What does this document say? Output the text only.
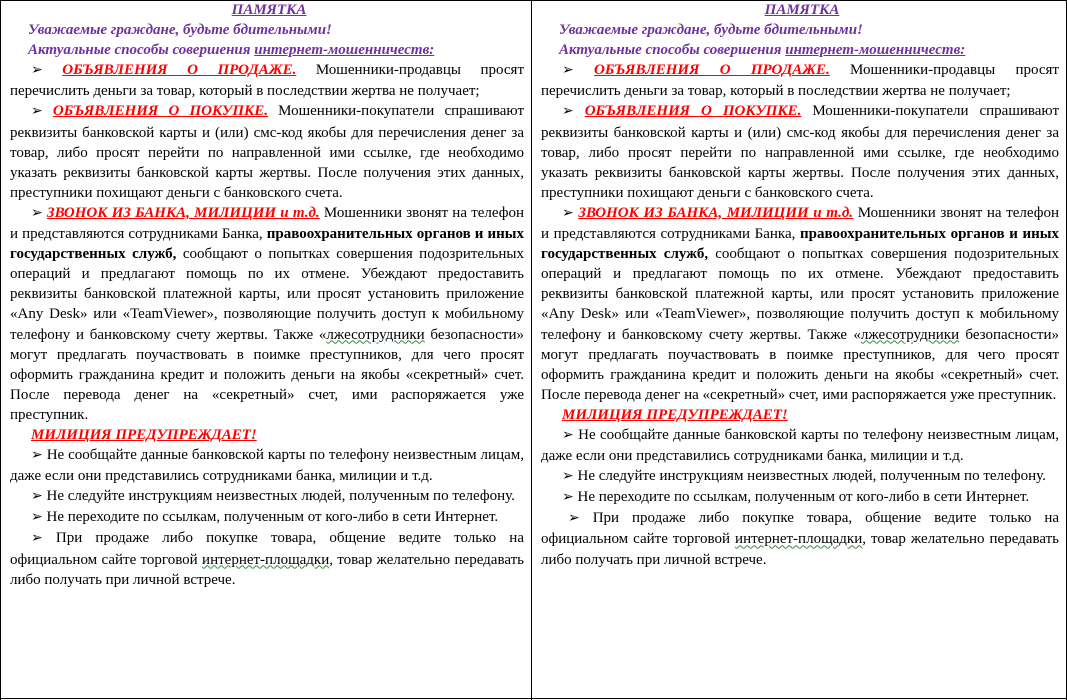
ПАМЯТКА

Уважаемые граждане, будьте бдительными!

Актуальные способы совершения интернет-мошенничеств:

➢ ОБЪЯВЛЕНИЯ О ПРОДАЖЕ. Мошенники-продавцы просят перечислить деньги за товар, который в последствии жертва не получает;

➢ ОБЪЯВЛЕНИЯ О ПОКУПКЕ. Мошенники-покупатели спрашивают реквизиты банковской карты и (или) смс-код якобы для перечисления денег за товар, либо просят перейти по направленной ими ссылке, где необходимо указать реквизиты банковской карты жертвы. После получения этих данных, преступники похищают деньги с банковского счета.

➢ ЗВОНОК ИЗ БАНКА, МИЛИЦИИ и т.д. Мошенники звонят на телефон и представляются сотрудниками Банка, правоохранительных органов и иных государственных служб, сообщают о попытках совершения подозрительных операций и предлагают помощь по их отмене. Убеждают предоставить реквизиты банковской платежной карты, или просят установить приложение «Any Desk» или «TeamViewer», позволяющие получить доступ к мобильному телефону и банковскому счету жертвы. Также «лжесотрудники безопасности» могут предлагать поучаствовать в поимке преступников, для чего просят оформить гражданина кредит и положить деньги на якобы «секретный» счет. После перевода денег на «секретный» счет, ими распоряжается уже преступник.

МИЛИЦИЯ ПРЕДУПРЕЖДАЕТ!

➢ Не сообщайте данные банковской карты по телефону неизвестным лицам, даже если они представились сотрудниками банка, милиции и т.д.

➢ Не следуйте инструкциям неизвестных людей, полученным по телефону.

➢ Не переходите по ссылкам, полученным от кого-либо в сети Интернет.

➢ При продаже либо покупке товара, общение ведите только на официальном сайте торговой интернет-площадки, товар желательно передавать либо получать при личной встрече.

ПАМЯТКА

Уважаемые граждане, будьте бдительными!

Актуальные способы совершения интернет-мошенничеств:

➢ ОБЪЯВЛЕНИЯ О ПРОДАЖЕ. Мошенники-продавцы просят перечислить деньги за товар, который в последствии жертва не получает;

➢ ОБЪЯВЛЕНИЯ О ПОКУПКЕ. Мошенники-покупатели спрашивают реквизиты банковской карты и (или) смс-код якобы для перечисления денег за товар, либо просят перейти по направленной ими ссылке, где необходимо указать реквизиты банковской карты жертвы. После получения этих данных, преступники похищают деньги с банковского счета.

➢ ЗВОНОК ИЗ БАНКА, МИЛИЦИИ и т.д. Мошенники звонят на телефон и представляются сотрудниками Банка, правоохранительных органов и иных государственных служб, сообщают о попытках совершения подозрительных операций и предлагают помощь по их отмене. Убеждают предоставить реквизиты банковской платежной карты, или просят установить приложение «Any Desk» или «TeamViewer», позволяющие получить доступ к мобильному телефону и банковскому счету жертвы. Также «лжесотрудники безопасности» могут предлагать поучаствовать в поимке преступников, для чего просят оформить гражданина кредит и положить деньги на якобы «секретный» счет. После перевода денег на «секретный» счет, ими распоряжается уже преступник.

МИЛИЦИЯ ПРЕДУПРЕЖДАЕТ!

➢ Не сообщайте данные банковской карты по телефону неизвестным лицам, даже если они представились сотрудниками банка, милиции и т.д.

➢ Не следуйте инструкциям неизвестных людей, полученным по телефону.

➢ Не переходите по ссылкам, полученным от кого-либо в сети Интернет.

➢ При продаже либо покупке товара, общение ведите только на официальном сайте торговой интернет-площадки, товар желательно передавать либо получать при личной встрече.
